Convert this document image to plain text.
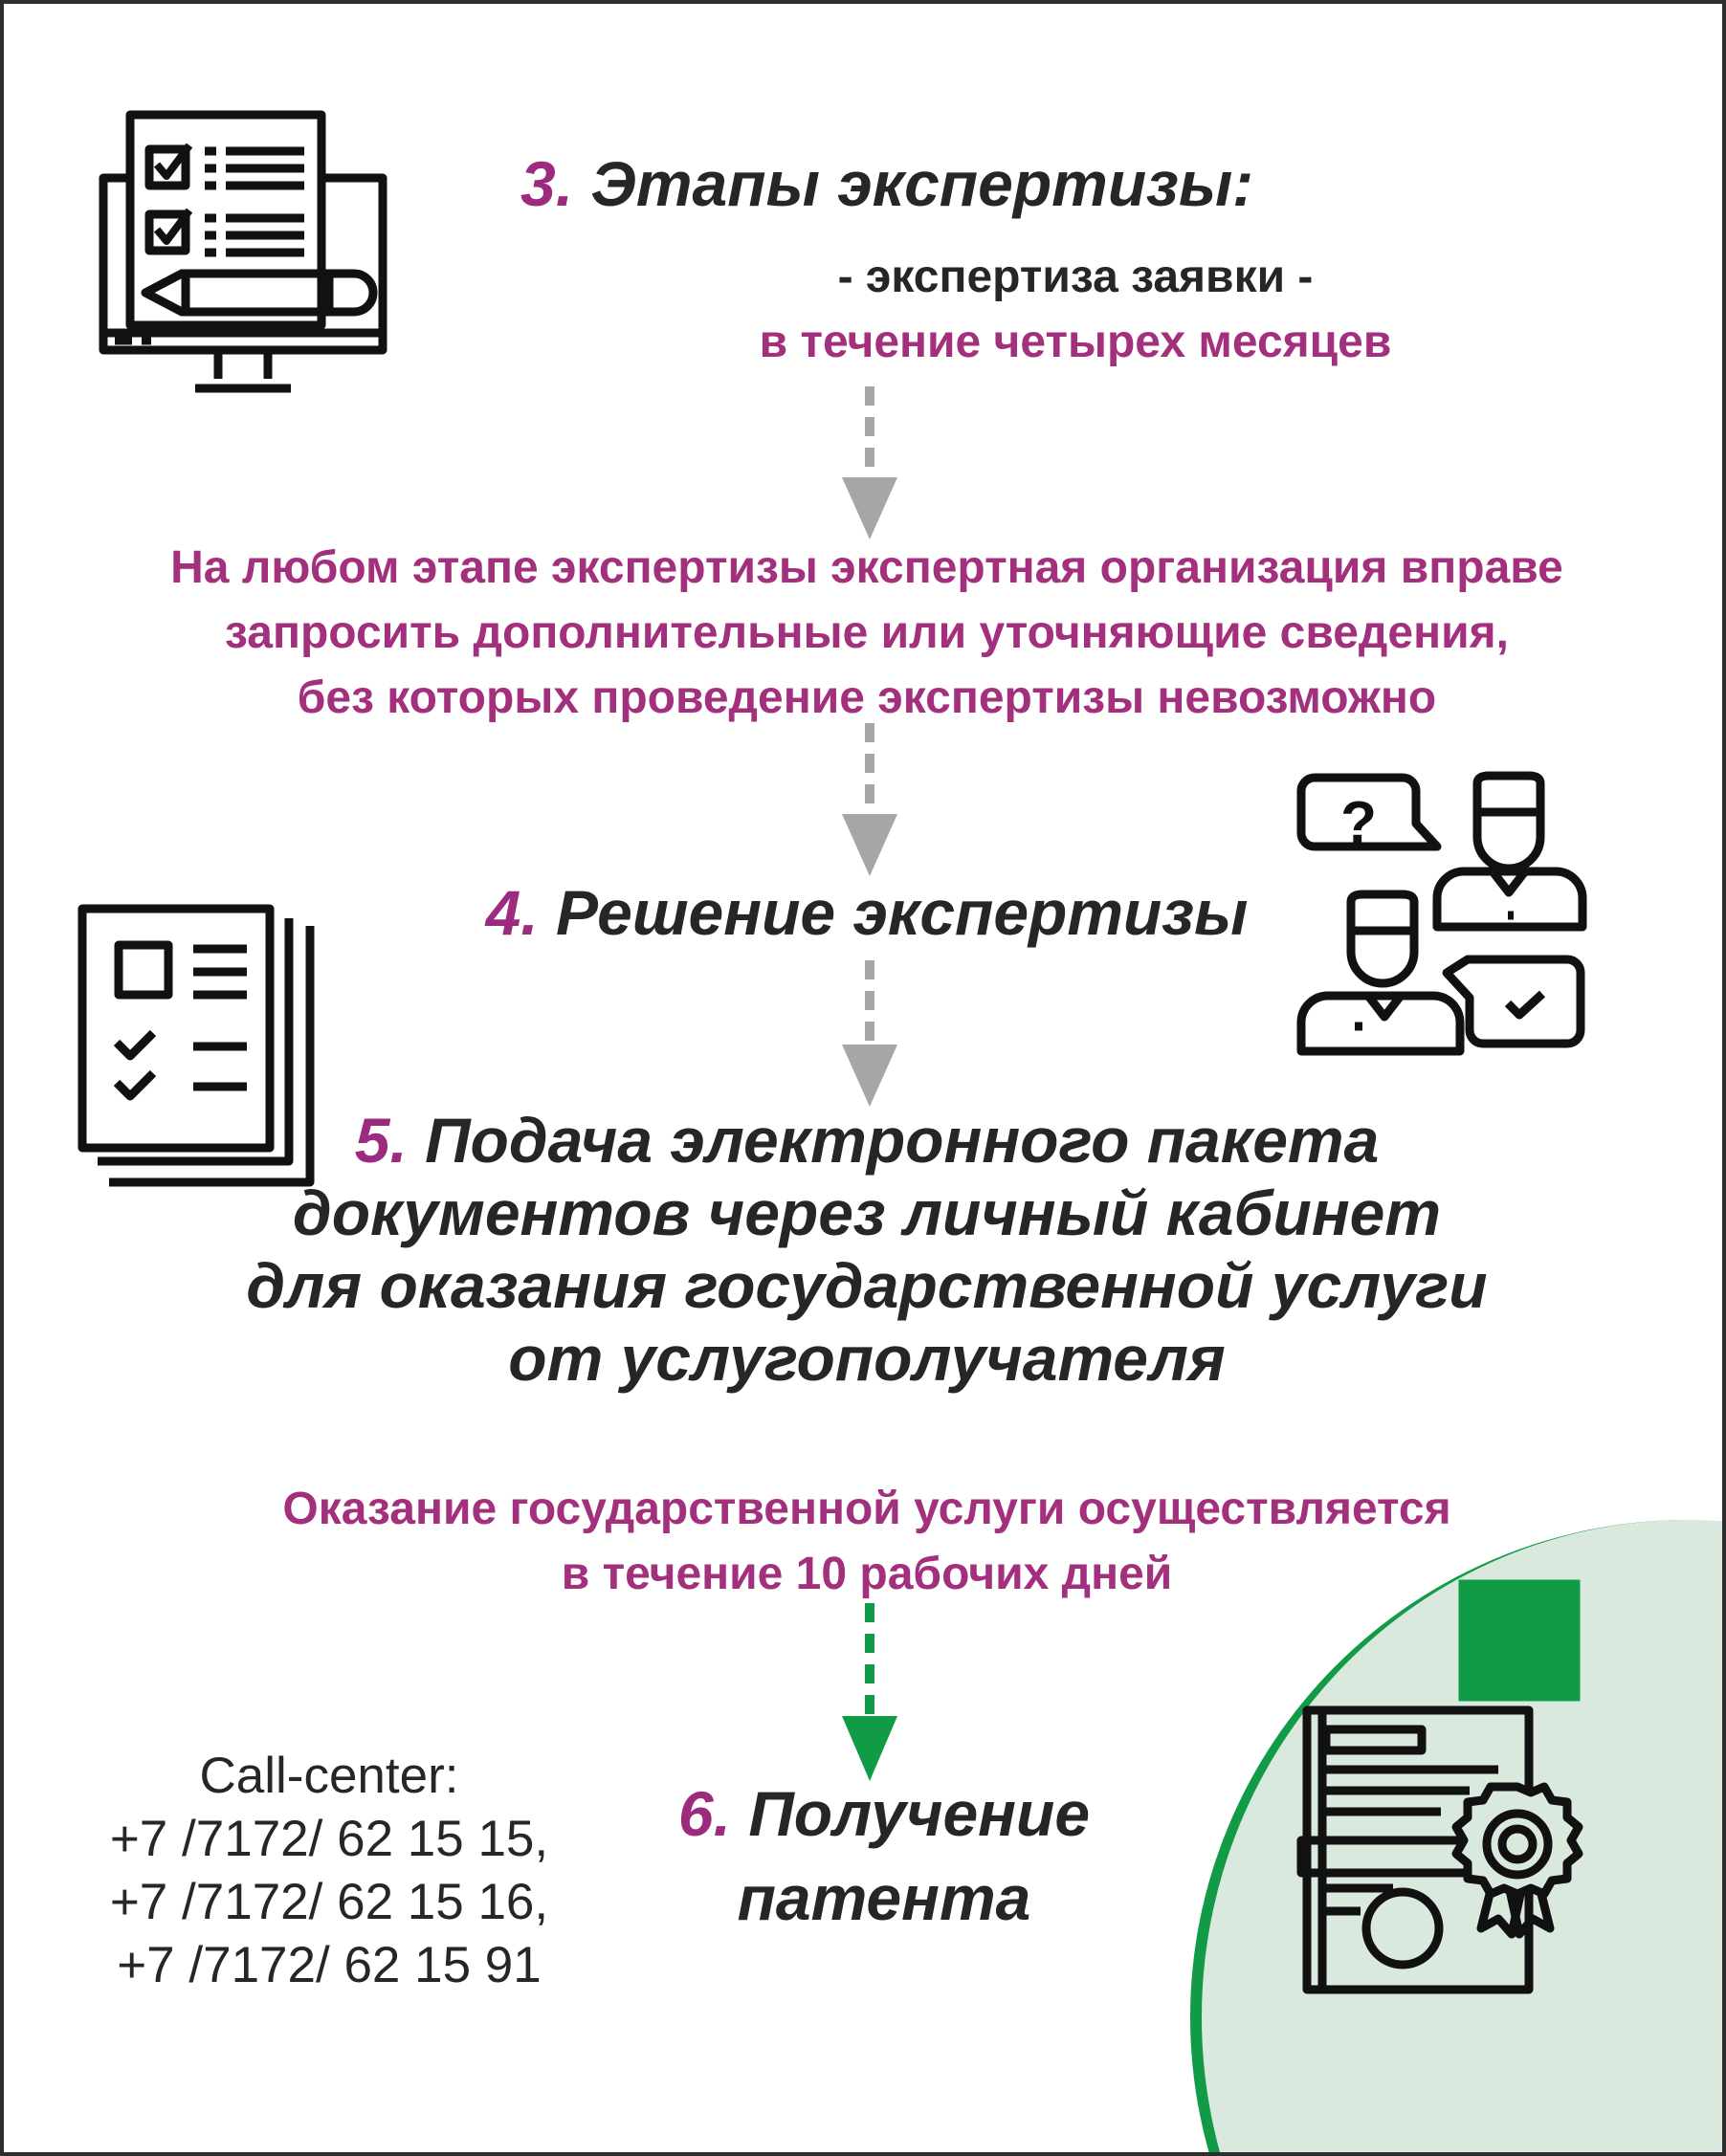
?

3. Этапы экспертизы:

- экспертиза заявки -

в течение четырех месяцев

На любом этапе экспертизы экспертная организация вправе
запросить дополнительные или уточняющие сведения,
без которых проведение экспертизы невозможно

4. Решение экспертизы

5. Подача электронного пакета
документов через личный кабинет
для оказания государственной услуги
от услугополучателя
Оказание государственной услуги осуществляется
в течение 10 рабочих дней
6. Получение
патента
Call-center:
+7 /7172/ 62 15 15,
+7 /7172/ 62 15 16,
+7 /7172/ 62 15 91
